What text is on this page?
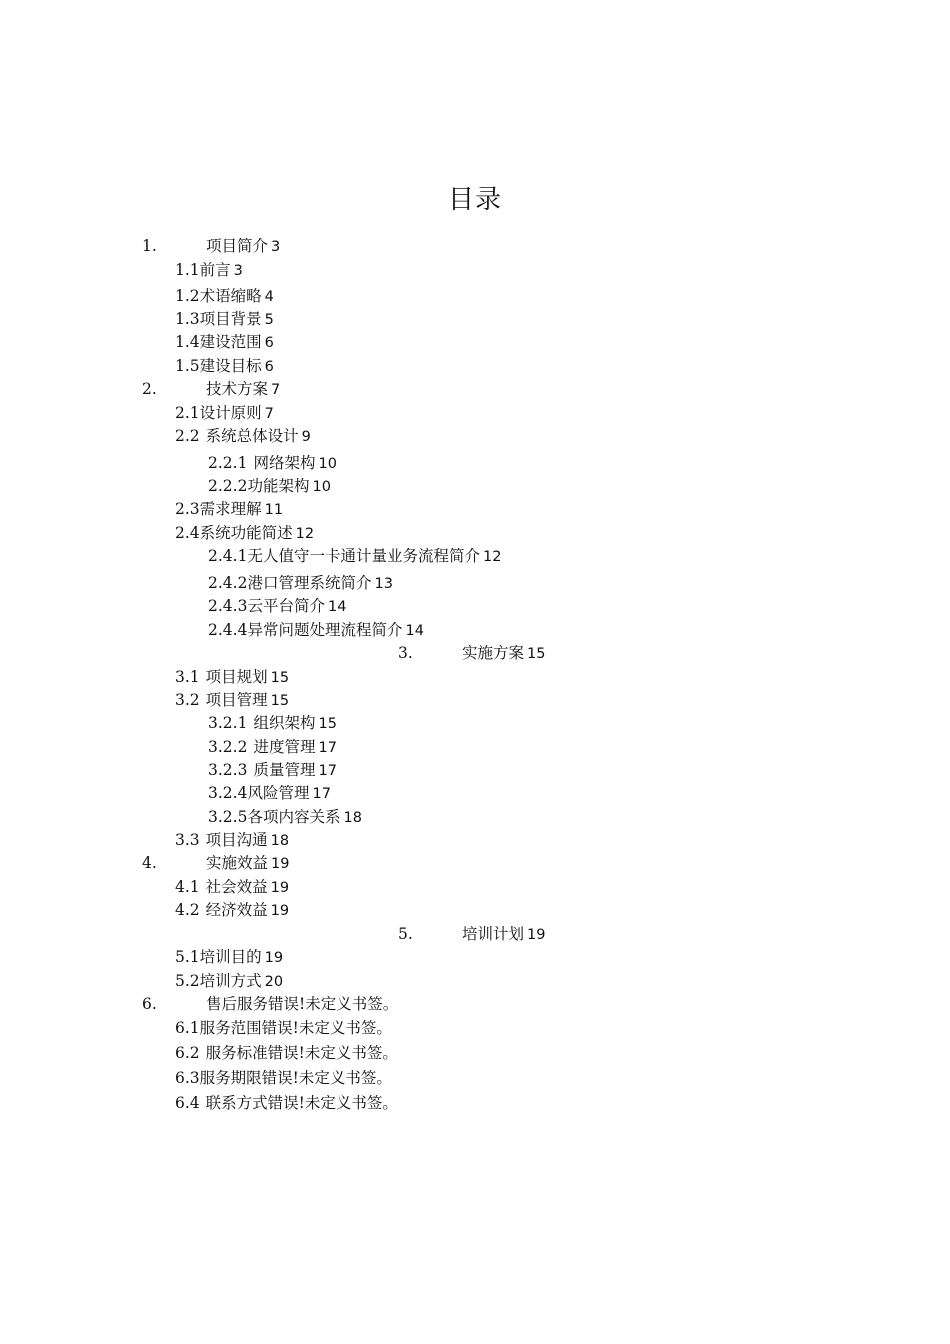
目录
1.	项目简介 3
1.1前言 3
1.2术语缩略 4
1.3项目背景 5
1.4建设范围 6
1.5建设目标 6
2.	技术方案 7
2.1设计原则 7
2.2 系统总体设计 9
2.2.1 网络架构 10
2.2.2功能架构 10
2.3需求理解 11
2.4系统功能简述 12
2.4.1无人值守一卡通计量业务流程简介 12
2.4.2港口管理系统简介 13
2.4.3云平台简介 14
2.4.4异常问题处理流程简介 14
3.	实施方案 15
3.1 项目规划 15
3.2 项目管理 15
3.2.1 组织架构 15
3.2.2 进度管理 17
3.2.3 质量管理 17
3.2.4风险管理 17
3.2.5各项内容关系 18
3.3 项目沟通 18
4.	实施效益 19
4.1 社会效益 19
4.2 经济效益 19
5.	培训计划 19
5.1培训目的 19
5.2培训方式 20
6.	售后服务错误!未定义书签。
6.1服务范围错误!未定义书签。
6.2 服务标准错误!未定义书签。
6.3服务期限错误!未定义书签。
6.4 联系方式错误!未定义书签。
